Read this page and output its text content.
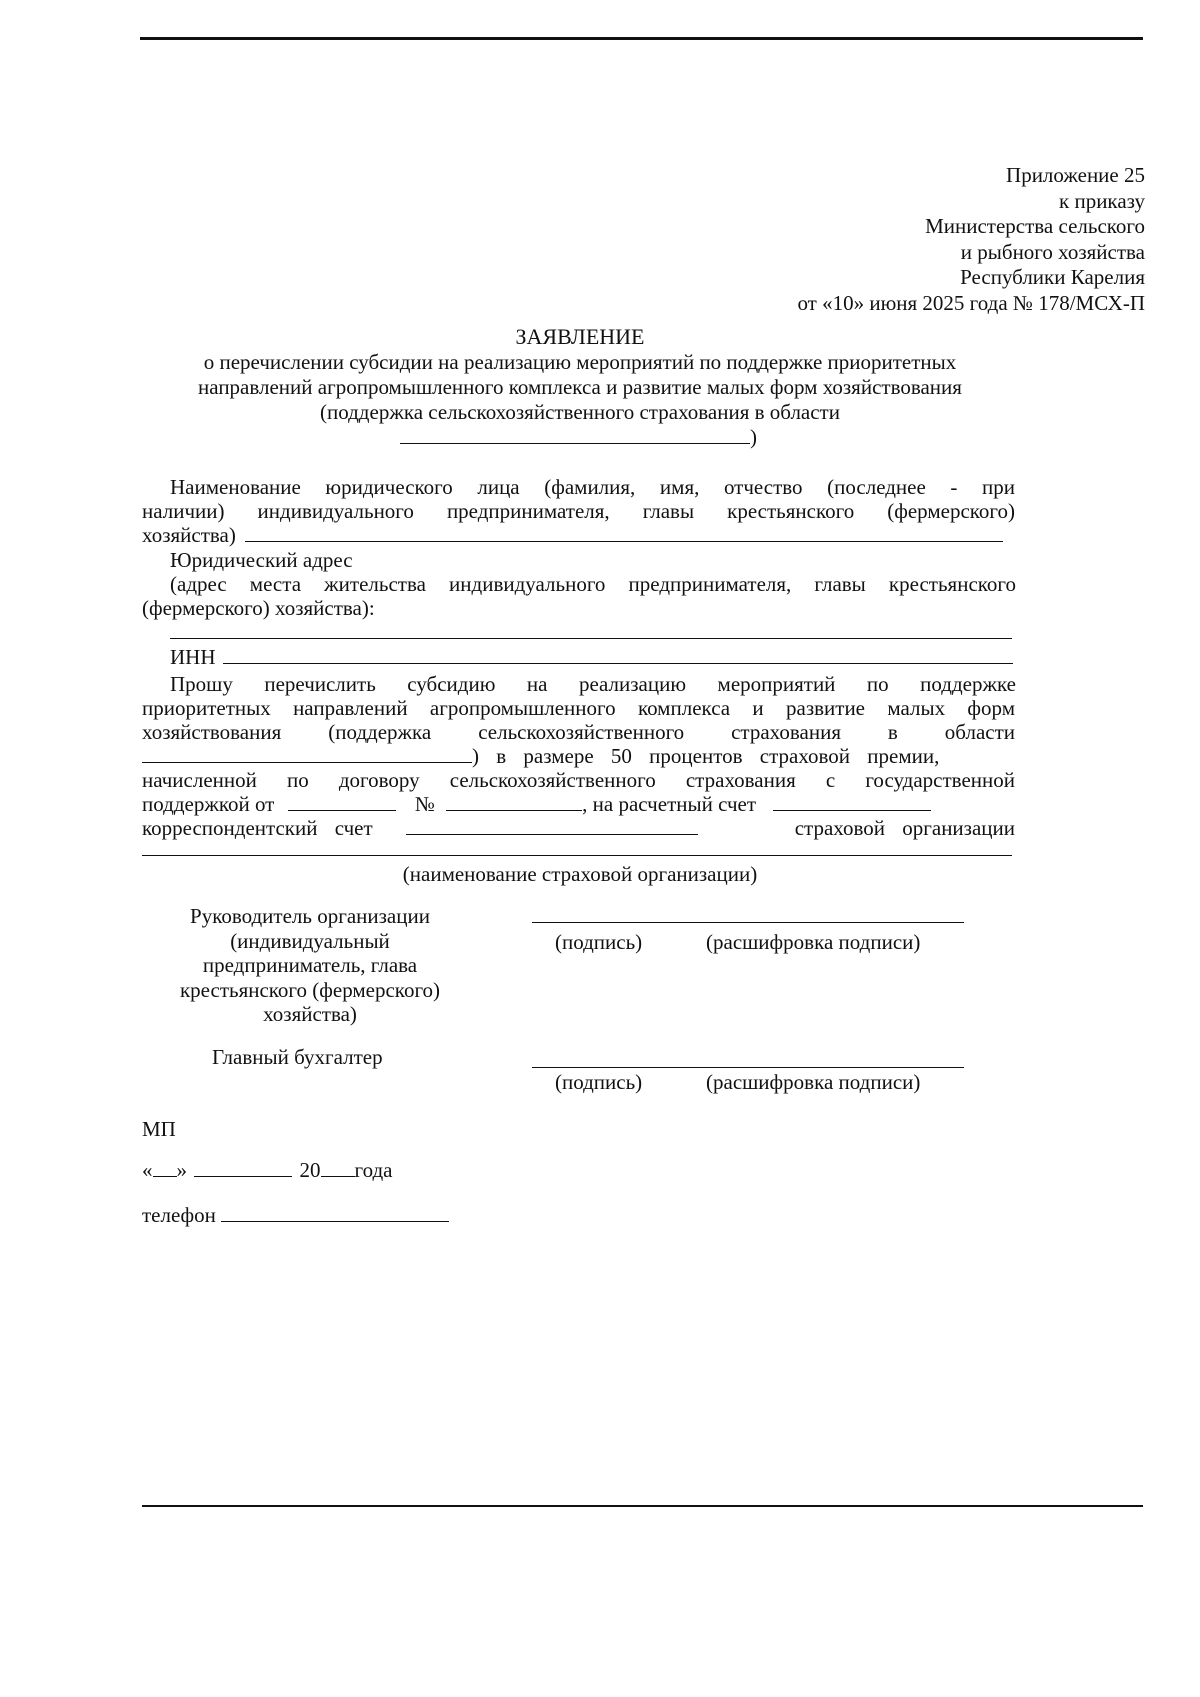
Приложение 25
к приказу
Министерства сельского
и рыбного хозяйства
Республики Карелия
от «10» июня 2025 года № 178/МСХ-П
ЗАЯВЛЕНИЕ
о перечислении субсидии на реализацию мероприятий по поддержке приоритетных
направлений агропромышленного комплекса и развитие малых форм хозяйствования
(поддержка сельскохозяйственного страхования в области
)
Наименование юридического лица (фамилия, имя, отчество (последнее - при
наличии) индивидуального предпринимателя, главы крестьянского (фермерского)
хозяйства)
Юридический адрес
(адрес места жительства индивидуального предпринимателя, главы крестьянского
(фермерского) хозяйства):
ИНН
Прошу перечислить субсидию на реализацию мероприятий по поддержке
приоритетных направлений агропромышленного комплекса и развитие малых форм
хозяйствования (поддержка сельскохозяйственного страхования в области
) в размере 50 процентов страховой премии,
начисленной по договору сельскохозяйственного страхования с государственной
поддержкой от	№	, на расчетный счет
корреспондентский счет	страховой организации
(наименование страховой организации)
Руководитель организации
(индивидуальный
предприниматель, глава
крестьянского (фермерского)
хозяйства)
(подпись)	(расшифровка подписи)
Главный бухгалтер
(подпись)	(расшифровка подписи)
МП
« »	20 года
телефон
